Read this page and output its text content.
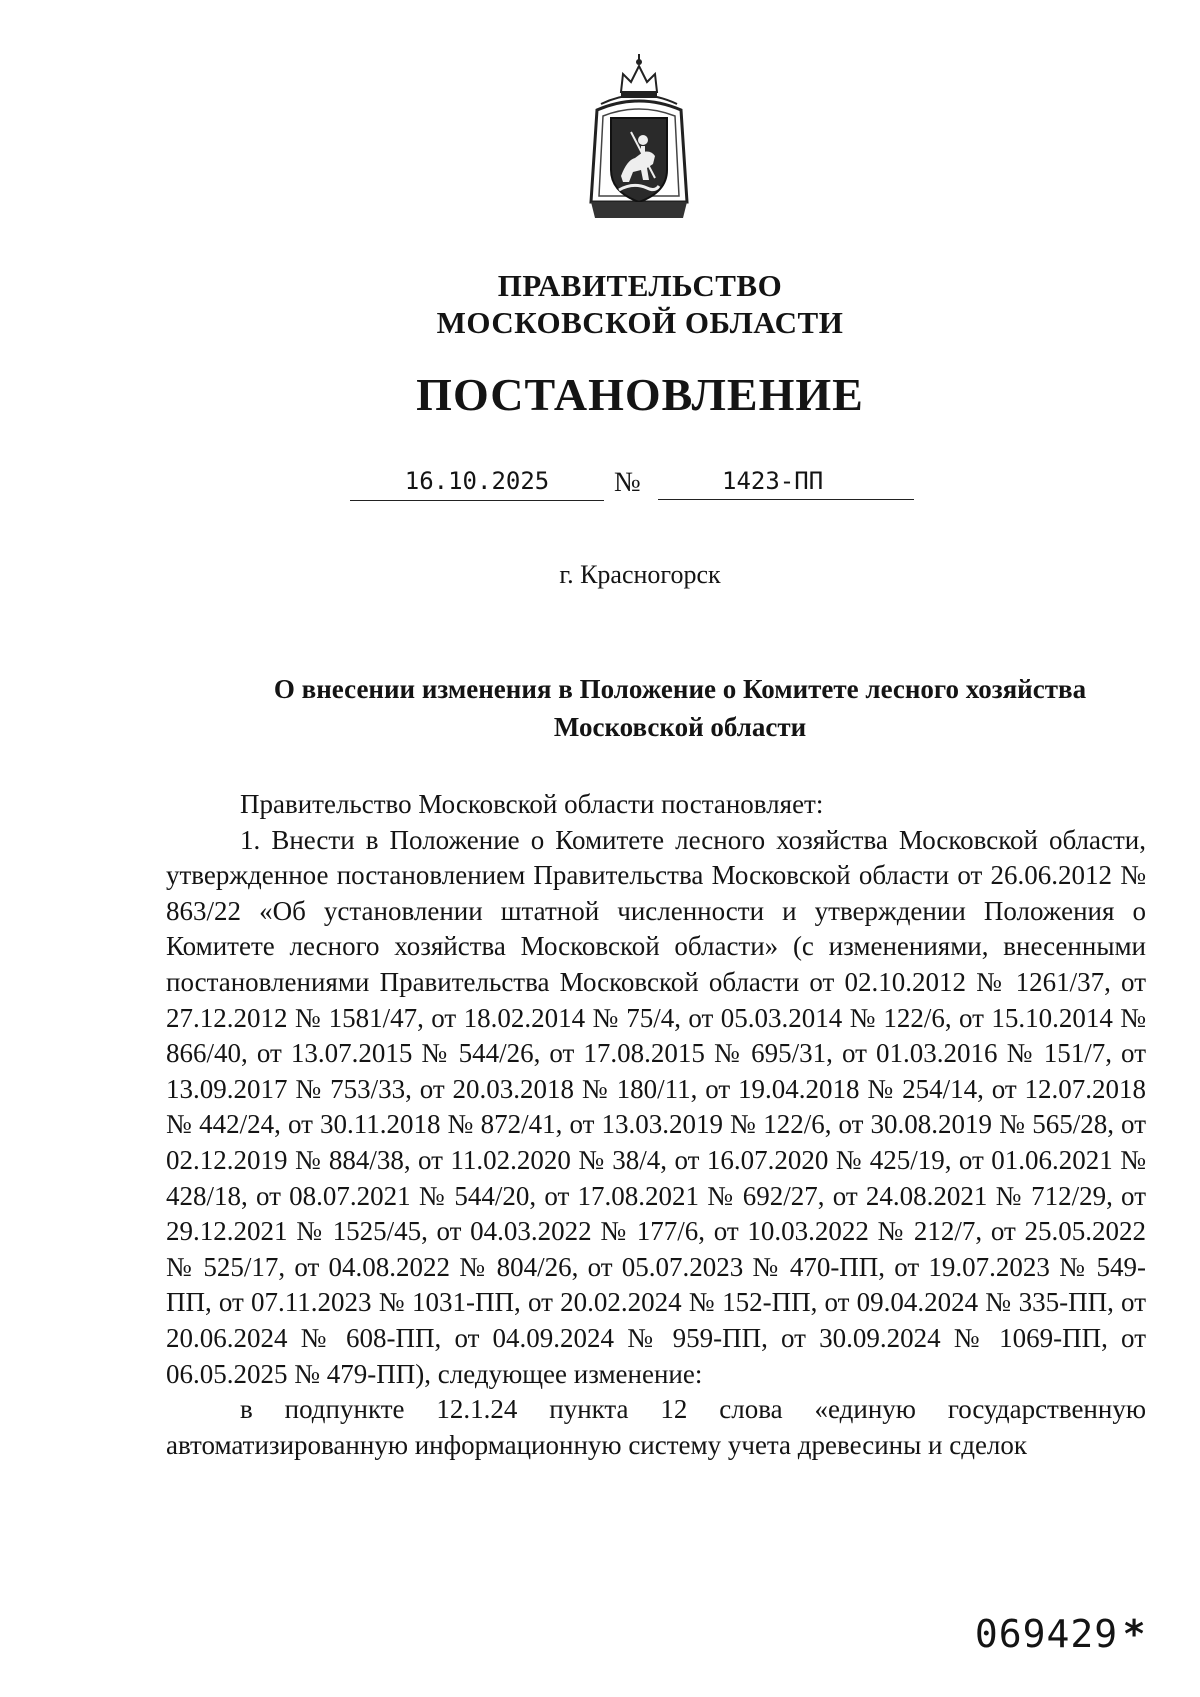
ПРАВИТЕЛЬСТВО
МОСКОВСКОЙ ОБЛАСТИ
ПОСТАНОВЛЕНИЕ
16.10.2025	№	1423-ПП
г. Красногорск
О внесении изменения в Положение о Комитете лесного хозяйства
Московской области

Правительство Московской области постановляет:

1. Внести в Положение о Комитете лесного хозяйства Московской области, утвержденное постановлением Правительства Московской области от 26.06.2012 № 863/22 «Об установлении штатной численности и утверждении Положения о Комитете лесного хозяйства Московской области» (с изменениями, внесенными постановлениями Правительства Московской области от 02.10.2012 № 1261/37, от 27.12.2012 № 1581/47, от 18.02.2014 № 75/4, от 05.03.2014 № 122/6, от 15.10.2014 № 866/40, от 13.07.2015 № 544/26, от 17.08.2015 № 695/31, от 01.03.2016 № 151/7, от 13.09.2017 № 753/33, от 20.03.2018 № 180/11, от 19.04.2018 № 254/14, от 12.07.2018 № 442/24, от 30.11.2018 № 872/41, от 13.03.2019 № 122/6, от 30.08.2019 № 565/28, от 02.12.2019 № 884/38, от 11.02.2020 № 38/4, от 16.07.2020 № 425/19, от 01.06.2021 № 428/18, от 08.07.2021 № 544/20, от 17.08.2021 № 692/27, от 24.08.2021 № 712/29, от 29.12.2021 № 1525/45, от 04.03.2022 № 177/6, от 10.03.2022 № 212/7, от 25.05.2022 № 525/17, от 04.08.2022 № 804/26, от 05.07.2023 № 470-ПП, от 19.07.2023 № 549-ПП, от 07.11.2023 № 1031-ПП, от 20.02.2024 № 152-ПП, от 09.04.2024 № 335-ПП, от 20.06.2024 № 608-ПП, от 04.09.2024 № 959-ПП, от 30.09.2024 № 1069-ПП, от 06.05.2025 № 479-ПП), следующее изменение:

в подпункте 12.1.24 пункта 12 слова «единую государственную автоматизированную информационную систему учета древесины и сделок

069429 *
